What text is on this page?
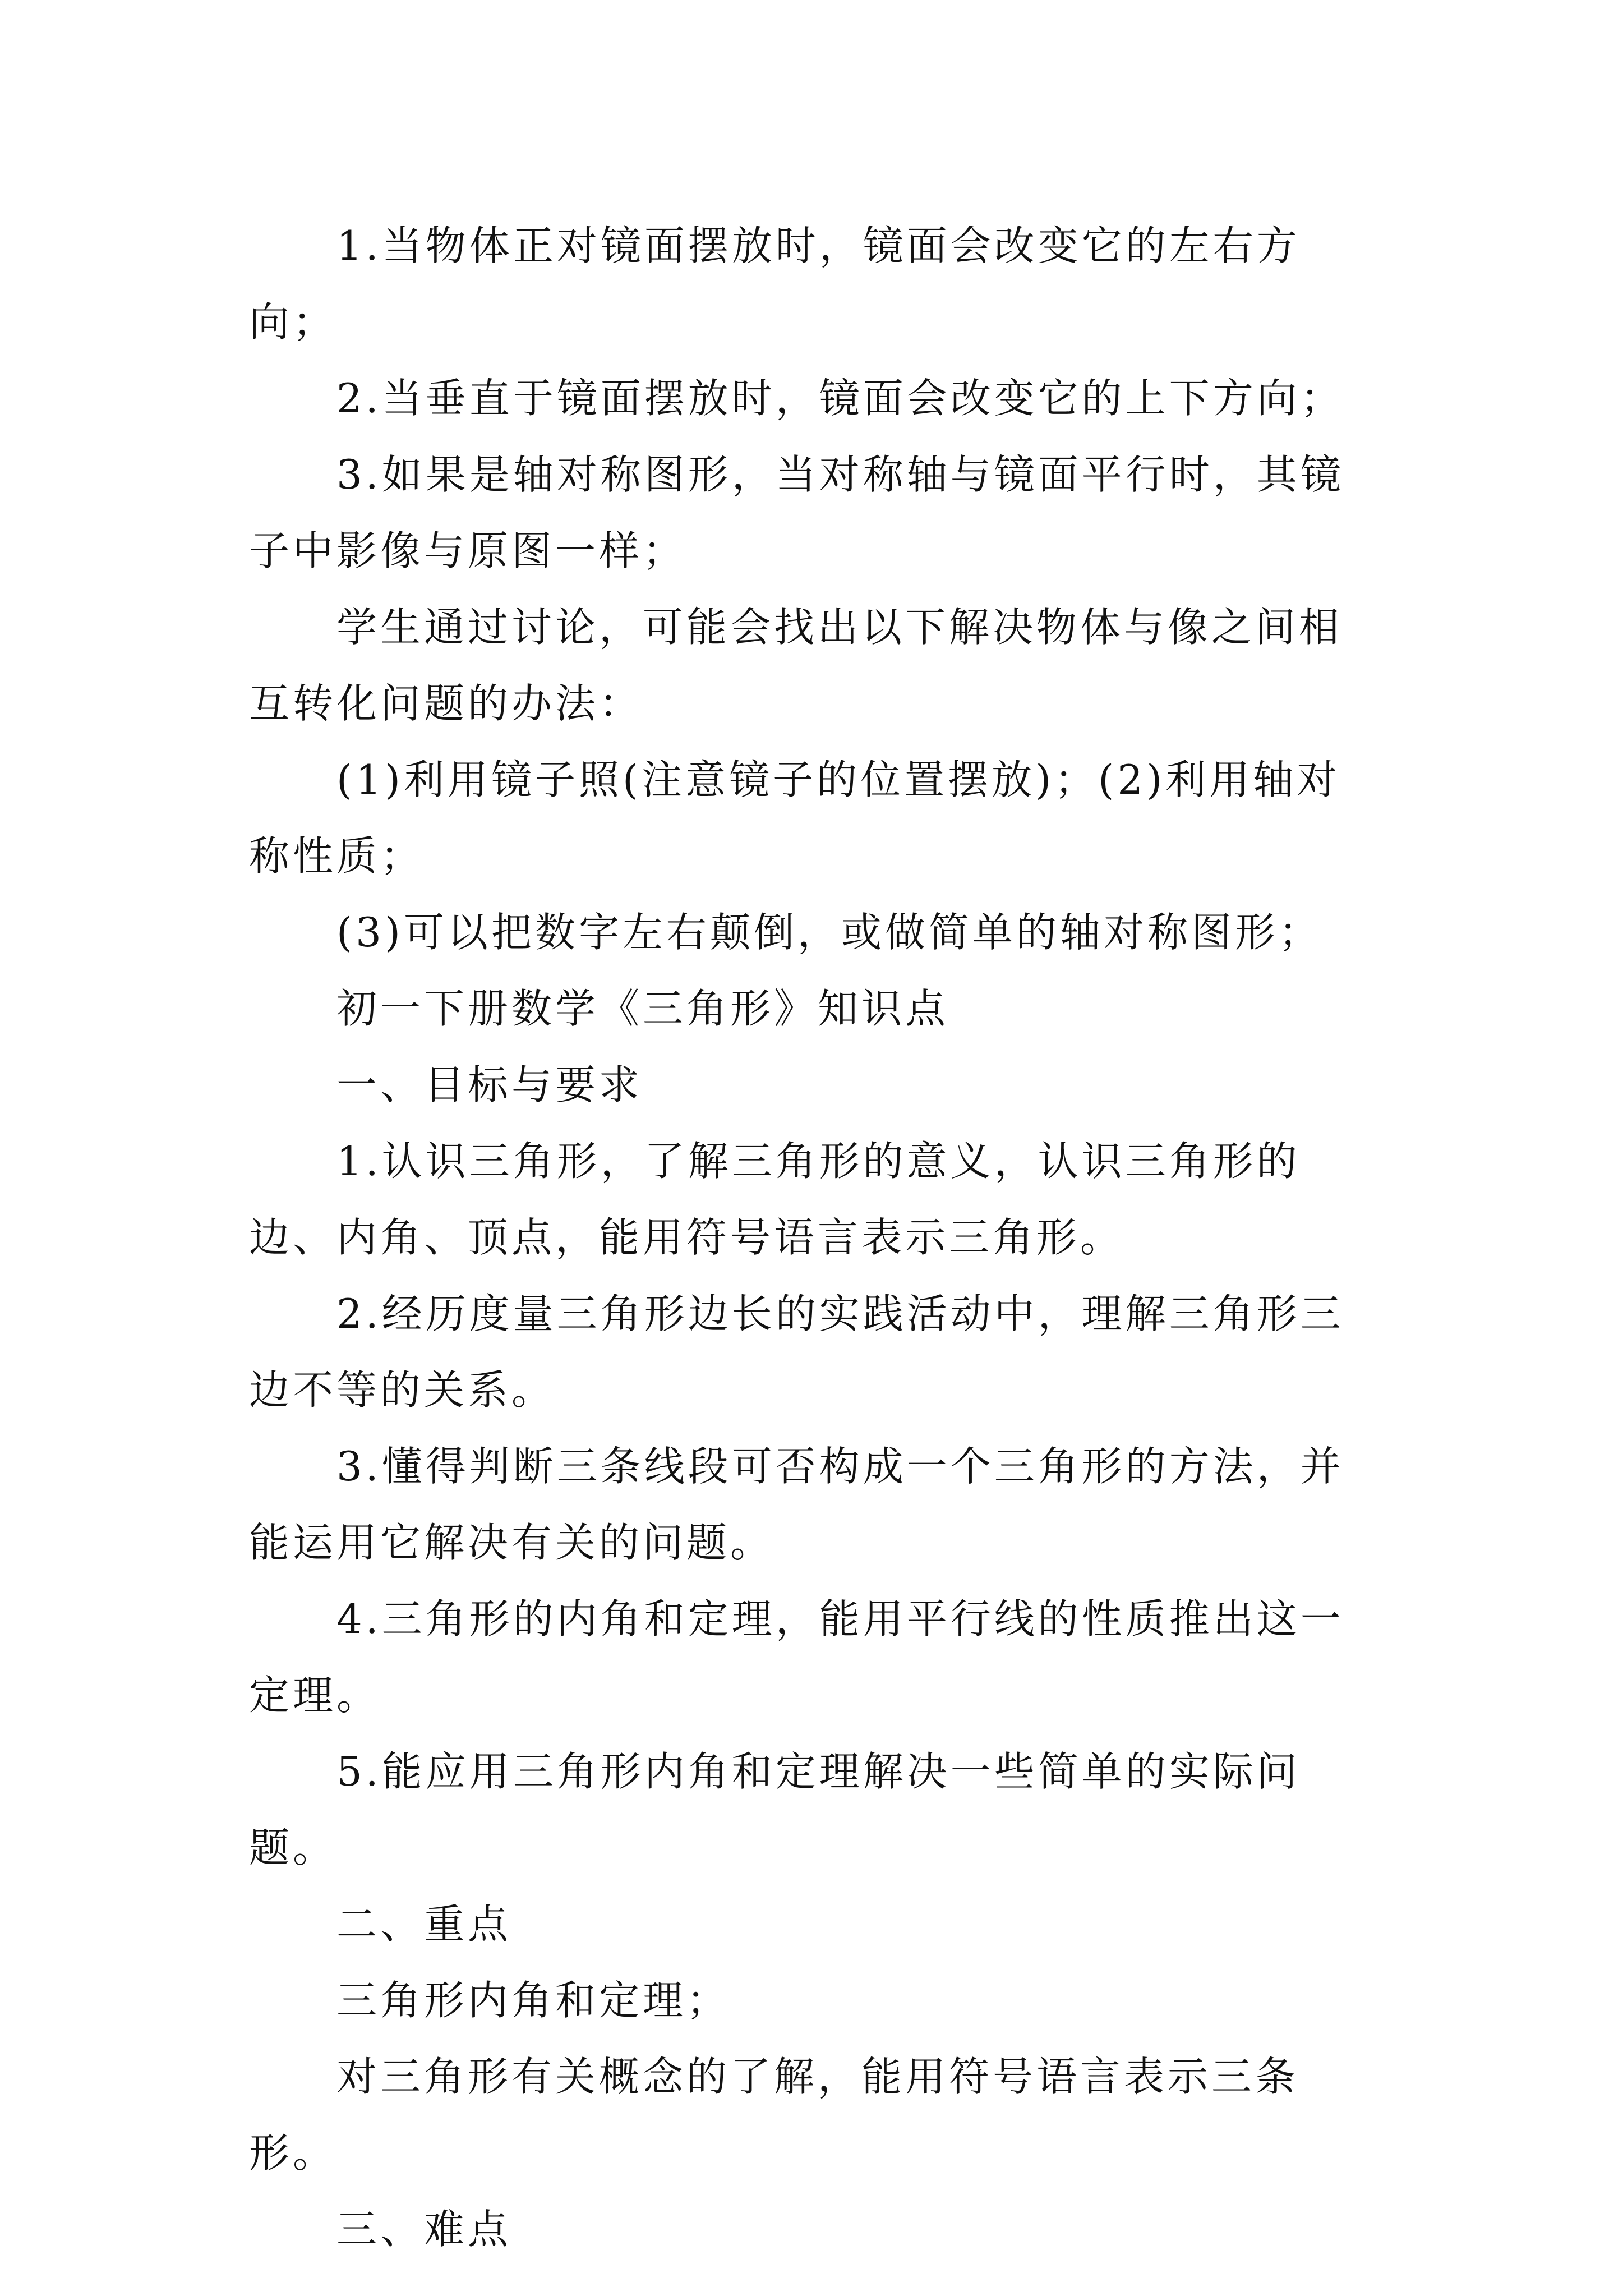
1.当物体正对镜面摆放时，镜面会改变它的左右方向；

2.当垂直于镜面摆放时，镜面会改变它的上下方向；

3.如果是轴对称图形，当对称轴与镜面平行时，其镜子中影像与原图一样；

学生通过讨论，可能会找出以下解决物体与像之间相互转化问题的办法：

(1)利用镜子照(注意镜子的位置摆放)；(2)利用轴对称性质；

(3)可以把数字左右颠倒，或做简单的轴对称图形；

初一下册数学《三角形》知识点

一、目标与要求

1.认识三角形，了解三角形的意义，认识三角形的边、内角、顶点，能用符号语言表示三角形。

2.经历度量三角形边长的实践活动中，理解三角形三边不等的关系。

3.懂得判断三条线段可否构成一个三角形的方法，并能运用它解决有关的问题。

4.三角形的内角和定理，能用平行线的性质推出这一定理。

5.能应用三角形内角和定理解决一些简单的实际问题。

二、重点

三角形内角和定理；

对三角形有关概念的了解，能用符号语言表示三条形。

三、难点
